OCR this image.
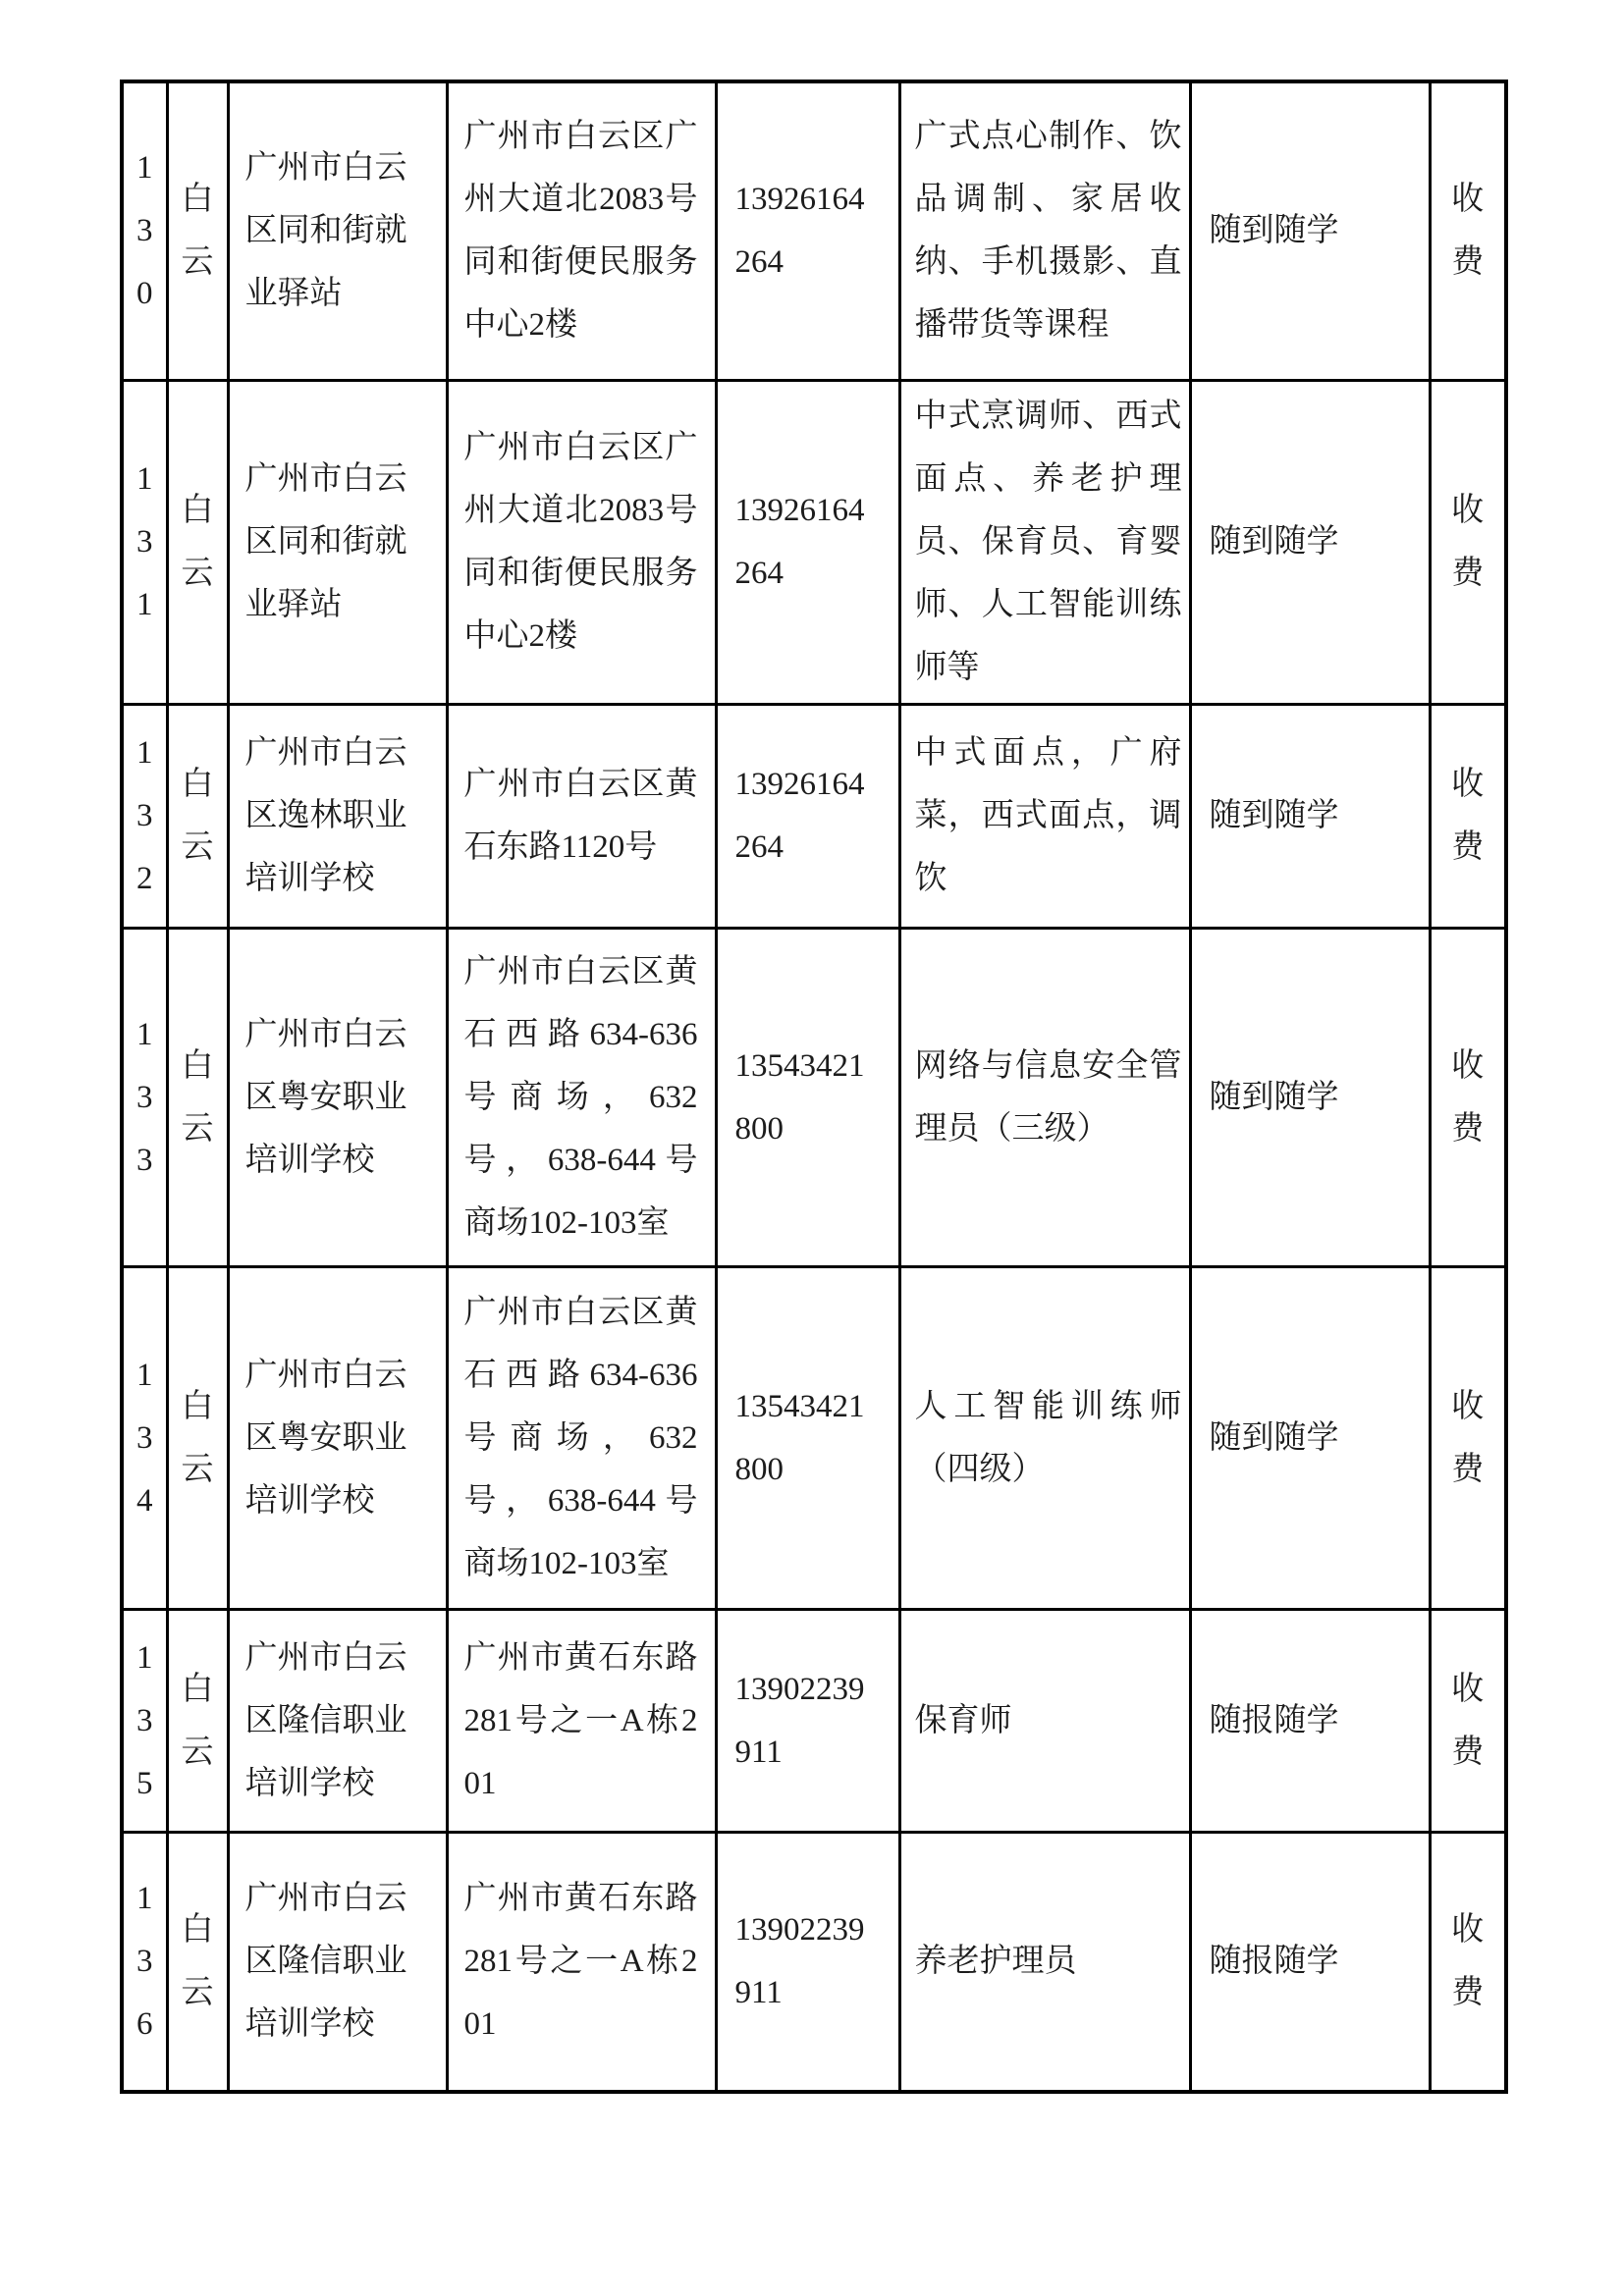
130	白云	广州市白云区同和街就业驿站	广州市白云区广州大道北2083号同和街便民服务中心2楼	13926164264	广式点心制作、饮品调制、家居收纳、手机摄影、直播带货等课程	随到随学	收费

131	白云	广州市白云区同和街就业驿站	广州市白云区广州大道北2083号同和街便民服务中心2楼	13926164264	中式烹调师、西式面点、养老护理员、保育员、育婴师、人工智能训练师等	随到随学	收费

132	白云	广州市白云区逸林职业培训学校	广州市白云区黄石东路1120号	13926164264	中式面点，广府菜，西式面点，调饮	随到随学	收费

133	白云	广州市白云区粤安职业培训学校	广州市白云区黄石西路634-636号商场，632号，638-644号商场102-103室	13543421800	网络与信息安全管理员（三级）	随到随学	收费

134	白云	广州市白云区粤安职业培训学校	广州市白云区黄石西路634-636号商场，632号，638-644号商场102-103室	13543421800	人工智能训练师（四级）	随到随学	收费

135	白云	广州市白云区隆信职业培训学校	广州市黄石东路281号之一A栋201	13902239911	保育师	随报随学	收费

136	白云	广州市白云区隆信职业培训学校	广州市黄石东路281号之一A栋201	13902239911	养老护理员	随报随学	收费
